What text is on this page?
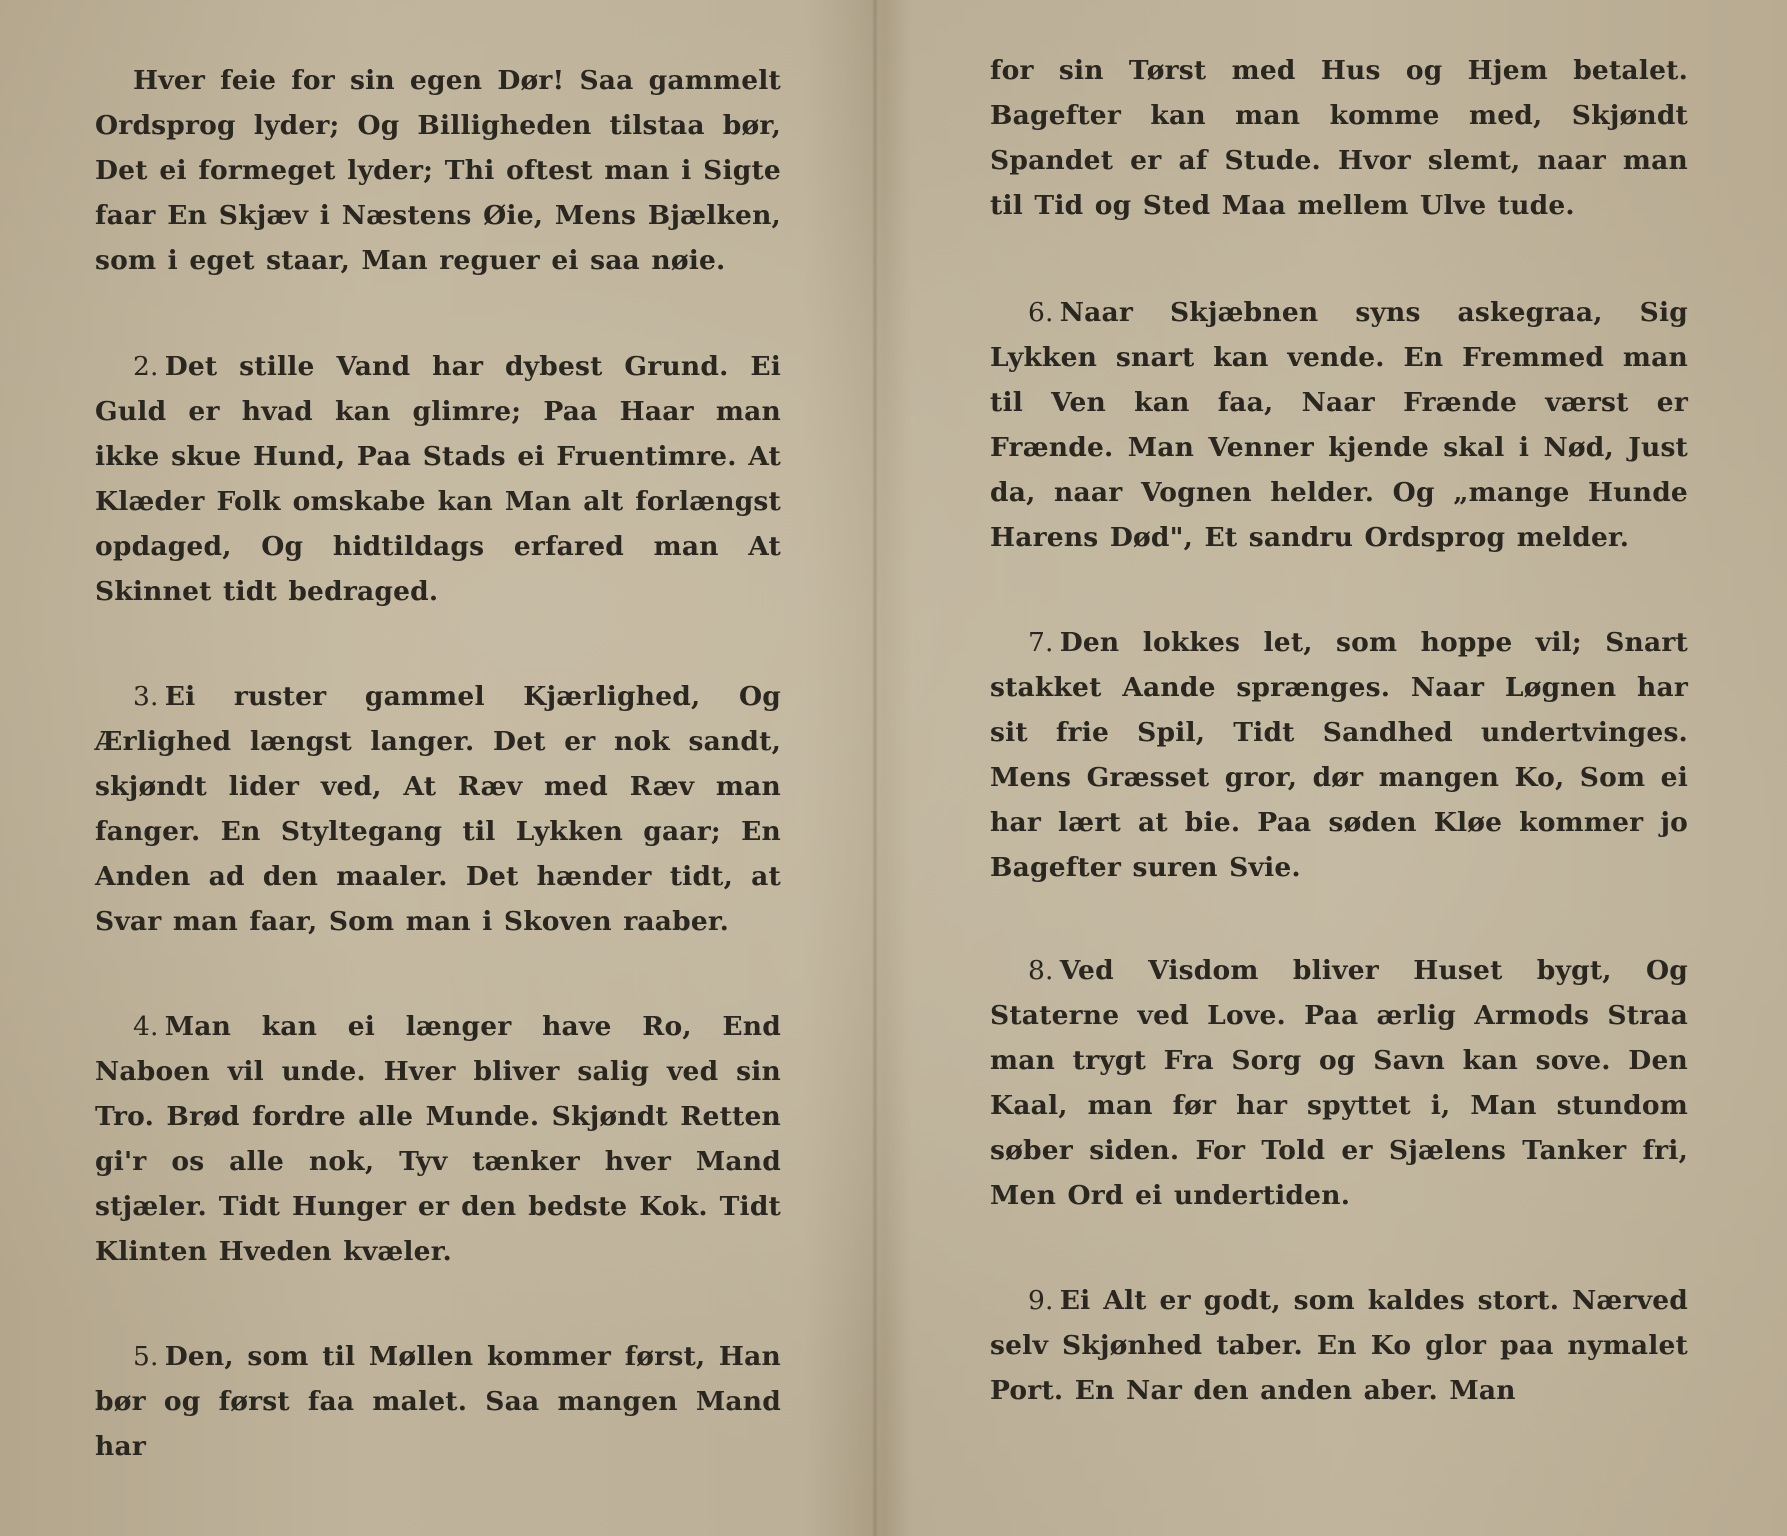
Hver feie for sin egen Dør! Saa gammelt Ordsprog lyder; Og Billigheden tilstaa bør, Det ei formeget lyder; Thi oftest man i Sigte faar En Skjæv i Næstens Øie, Mens Bjælken, som i eget staar, Man reguer ei saa nøie.

2. Det stille Vand har dybest Grund. Ei Guld er hvad kan glimre; Paa Haar man ikke skue Hund, Paa Stads ei Fruentimre. At Klæder Folk omskabe kan Man alt forlængst opdaged, Og hidtildags erfared man At Skinnet tidt bedraged.

3. Ei ruster gammel Kjærlighed, Og Ærlighed længst langer. Det er nok sandt, skjøndt lider ved, At Ræv med Ræv man fanger. En Styltegang til Lykken gaar; En Anden ad den maaler. Det hænder tidt, at Svar man faar, Som man i Skoven raaber.

4. Man kan ei længer have Ro, End Naboen vil unde. Hver bliver salig ved sin Tro. Brød fordre alle Munde. Skjøndt Retten gi'r os alle nok, Tyv tænker hver Mand stjæler. Tidt Hunger er den bedste Kok. Tidt Klinten Hveden kvæler.

5. Den, som til Møllen kommer først, Han bør og først faa malet. Saa mangen Mand har

for sin Tørst med Hus og Hjem betalet. Bagefter kan man komme med, Skjøndt Spandet er af Stude. Hvor slemt, naar man til Tid og Sted Maa mellem Ulve tude.

6. Naar Skjæbnen syns askegraa, Sig Lykken snart kan vende. En Fremmed man til Ven kan faa, Naar Frænde værst er Frænde. Man Venner kjende skal i Nød, Just da, naar Vognen helder. Og „mange Hunde Harens Død", Et sandru Ordsprog melder.

7. Den lokkes let, som hoppe vil; Snart stakket Aande sprænges. Naar Løgnen har sit frie Spil, Tidt Sandhed undertvinges. Mens Græsset gror, dør mangen Ko, Som ei har lært at bie. Paa søden Kløe kommer jo Bagefter suren Svie.

8. Ved Visdom bliver Huset bygt, Og Staterne ved Love. Paa ærlig Armods Straa man trygt Fra Sorg og Savn kan sove. Den Kaal, man før har spyttet i, Man stundom søber siden. For Told er Sjælens Tanker fri, Men Ord ei undertiden.

9. Ei Alt er godt, som kaldes stort. Nærved selv Skjønhed taber. En Ko glor paa nymalet Port. En Nar den anden aber. Man
